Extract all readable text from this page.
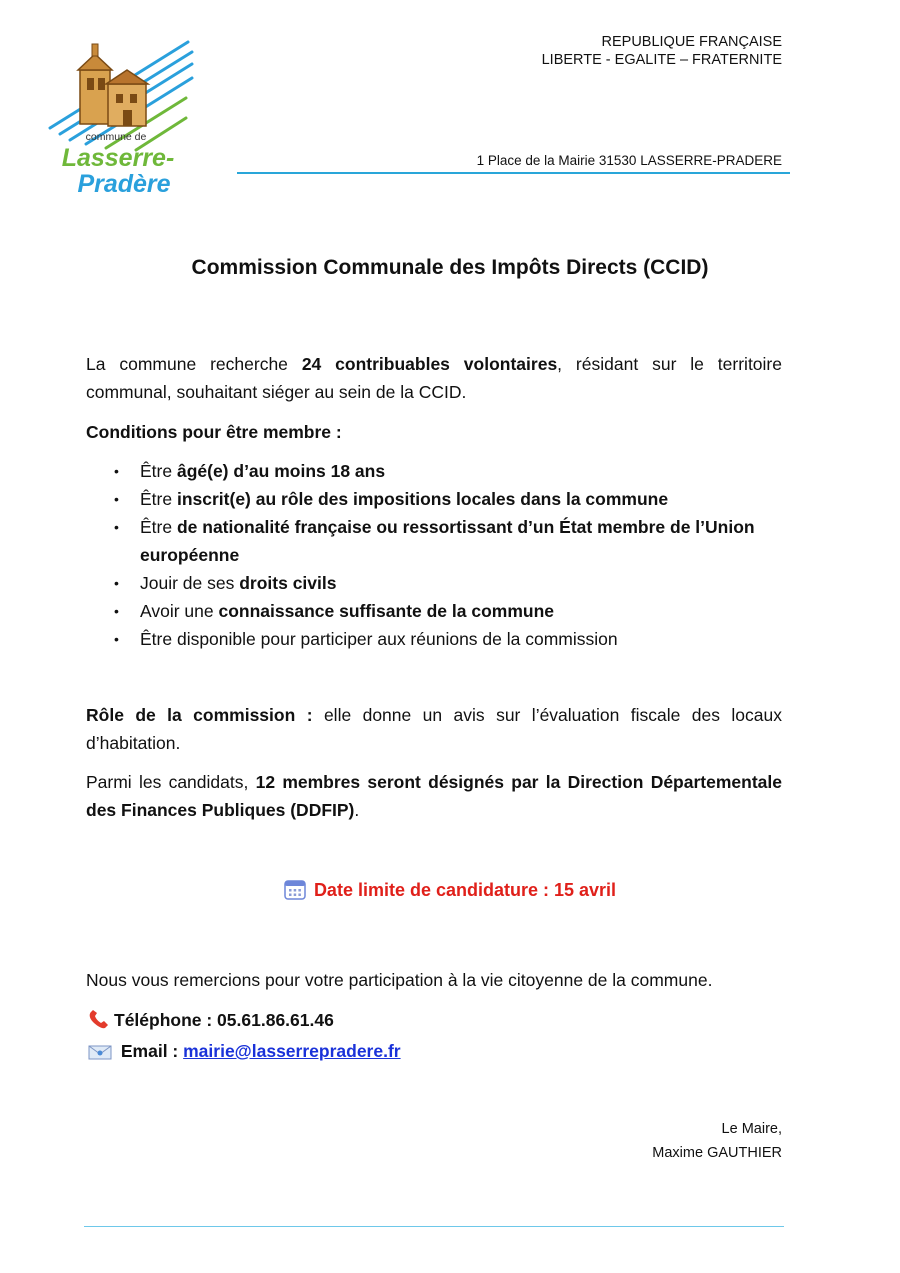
commune de
Lasserre-
Pradère
REPUBLIQUE FRANÇAISE
LIBERTE - EGALITE – FRATERNITE
1 Place de la Mairie 31530 LASSERRE-PRADERE
Commission Communale des Impôts Directs (CCID)

La commune recherche 24 contribuables volontaires, résidant sur le territoire communal, souhaitant siéger au sein de la CCID.

Conditions pour être membre :
• Être âgé(e) d’au moins 18 ans
• Être inscrit(e) au rôle des impositions locales dans la commune
• Être de nationalité française ou ressortissant d’un État membre de l’Union européenne
• Jouir de ses droits civils
• Avoir une connaissance suffisante de la commune
• Être disponible pour participer aux réunions de la commission

Rôle de la commission : elle donne un avis sur l’évaluation fiscale des locaux d’habitation.

Parmi les candidats, 12 membres seront désignés par la Direction Départementale des Finances Publiques (DDFIP).

Date limite de candidature : 15 avril
Nous vous remercions pour votre participation à la vie citoyenne de la commune.
Téléphone : 05.61.86.61.46
Email : mairie@lasserrepradere.fr
Le Maire,
Maxime GAUTHIER
